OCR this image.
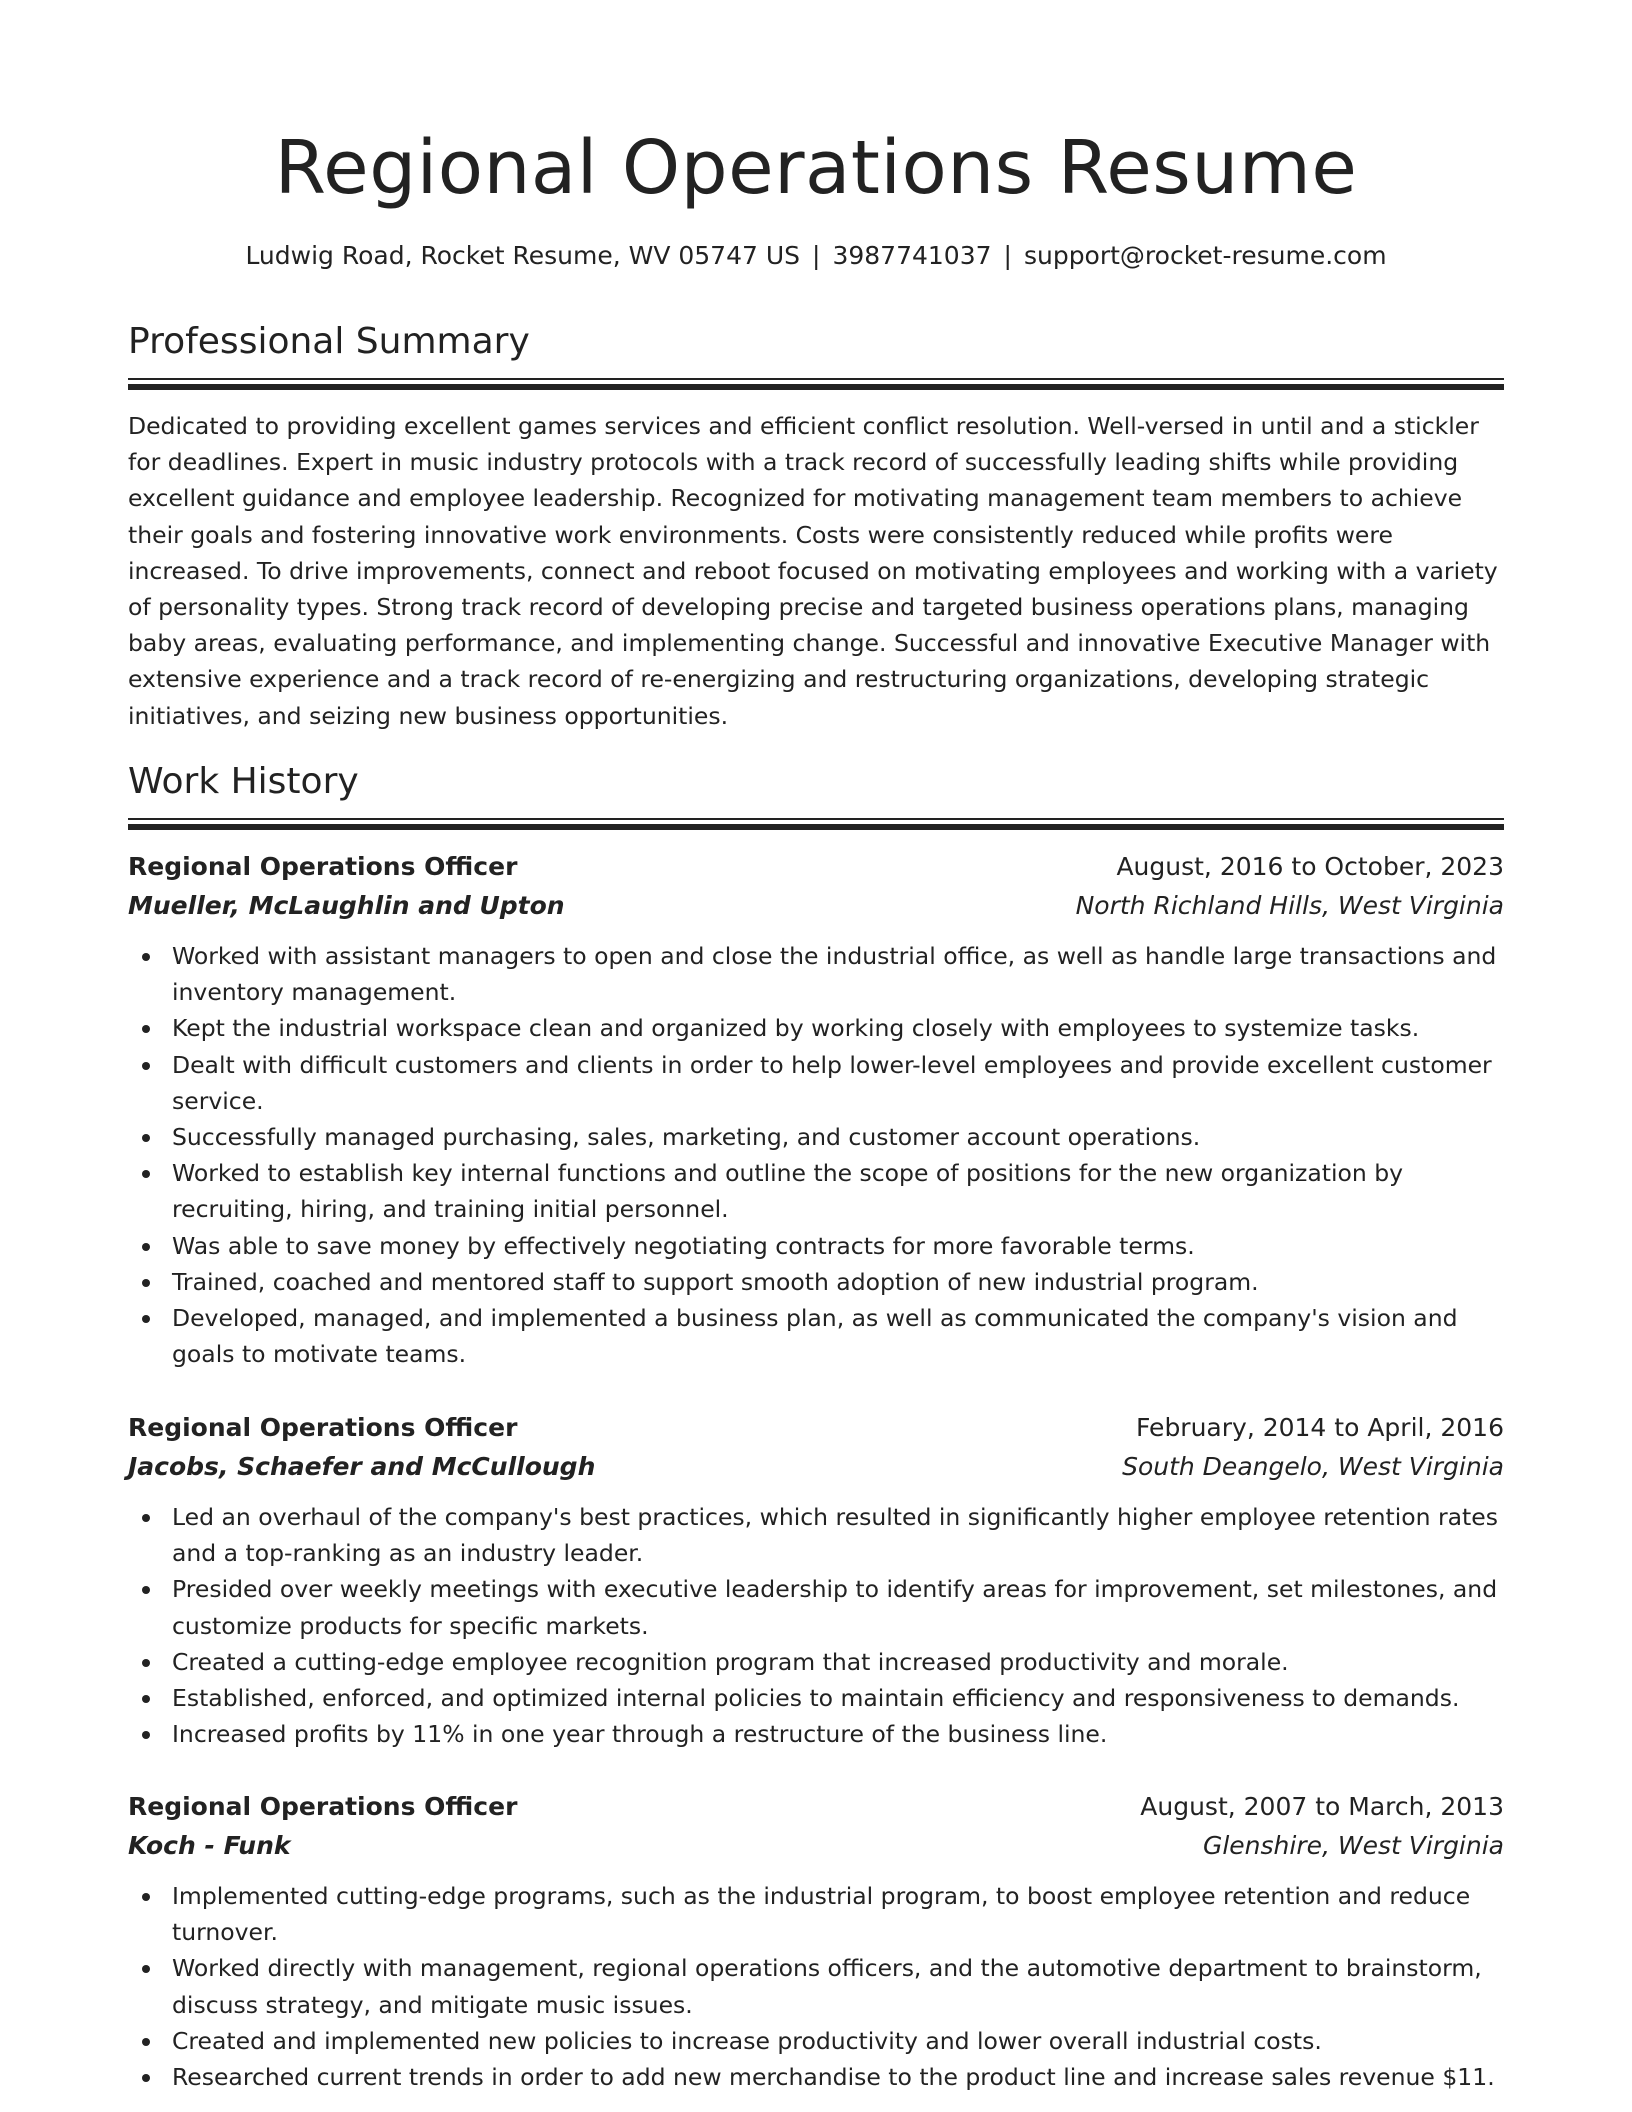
Regional Operations Resume
Ludwig Road, Rocket Resume, WV 05747 US | 3987741037 | support@rocket-resume.com
Professional Summary

Dedicated to providing excellent games services and efficient conflict resolution. Well-versed in until and a stickler for deadlines. Expert in music industry protocols with a track record of successfully leading shifts while providing excellent guidance and employee leadership. Recognized for motivating management team members to achieve their goals and fostering innovative work environments. Costs were consistently reduced while profits were increased. To drive improvements, connect and reboot focused on motivating employees and working with a variety of personality types. Strong track record of developing precise and targeted business operations plans, managing baby areas, evaluating performance, and implementing change. Successful and innovative Executive Manager with extensive experience and a track record of re-energizing and restructuring organizations, developing strategic initiatives, and seizing new business opportunities.

Work History
Regional Operations Officer	August, 2016 to October, 2023
Mueller, McLaughlin and Upton	North Richland Hills, West Virginia
Worked with assistant managers to open and close the industrial office, as well as handle large transactions and inventory management.
Kept the industrial workspace clean and organized by working closely with employees to systemize tasks.
Dealt with difficult customers and clients in order to help lower-level employees and provide excellent customer service.
Successfully managed purchasing, sales, marketing, and customer account operations.
Worked to establish key internal functions and outline the scope of positions for the new organization by recruiting, hiring, and training initial personnel.
Was able to save money by effectively negotiating contracts for more favorable terms.
Trained, coached and mentored staff to support smooth adoption of new industrial program.
Developed, managed, and implemented a business plan, as well as communicated the company's vision and goals to motivate teams.
Regional Operations Officer	February, 2014 to April, 2016
Jacobs, Schaefer and McCullough	South Deangelo, West Virginia
Led an overhaul of the company's best practices, which resulted in significantly higher employee retention rates and a top-ranking as an industry leader.
Presided over weekly meetings with executive leadership to identify areas for improvement, set milestones, and customize products for specific markets.
Created a cutting-edge employee recognition program that increased productivity and morale.
Established, enforced, and optimized internal policies to maintain efficiency and responsiveness to demands.
Increased profits by 11% in one year through a restructure of the business line.
Regional Operations Officer	August, 2007 to March, 2013
Koch - Funk	Glenshire, West Virginia
Implemented cutting-edge programs, such as the industrial program, to boost employee retention and reduce turnover.
Worked directly with management, regional operations officers, and the automotive department to brainstorm, discuss strategy, and mitigate music issues.
Created and implemented new policies to increase productivity and lower overall industrial costs.
Researched current trends in order to add new merchandise to the product line and increase sales revenue $11.
